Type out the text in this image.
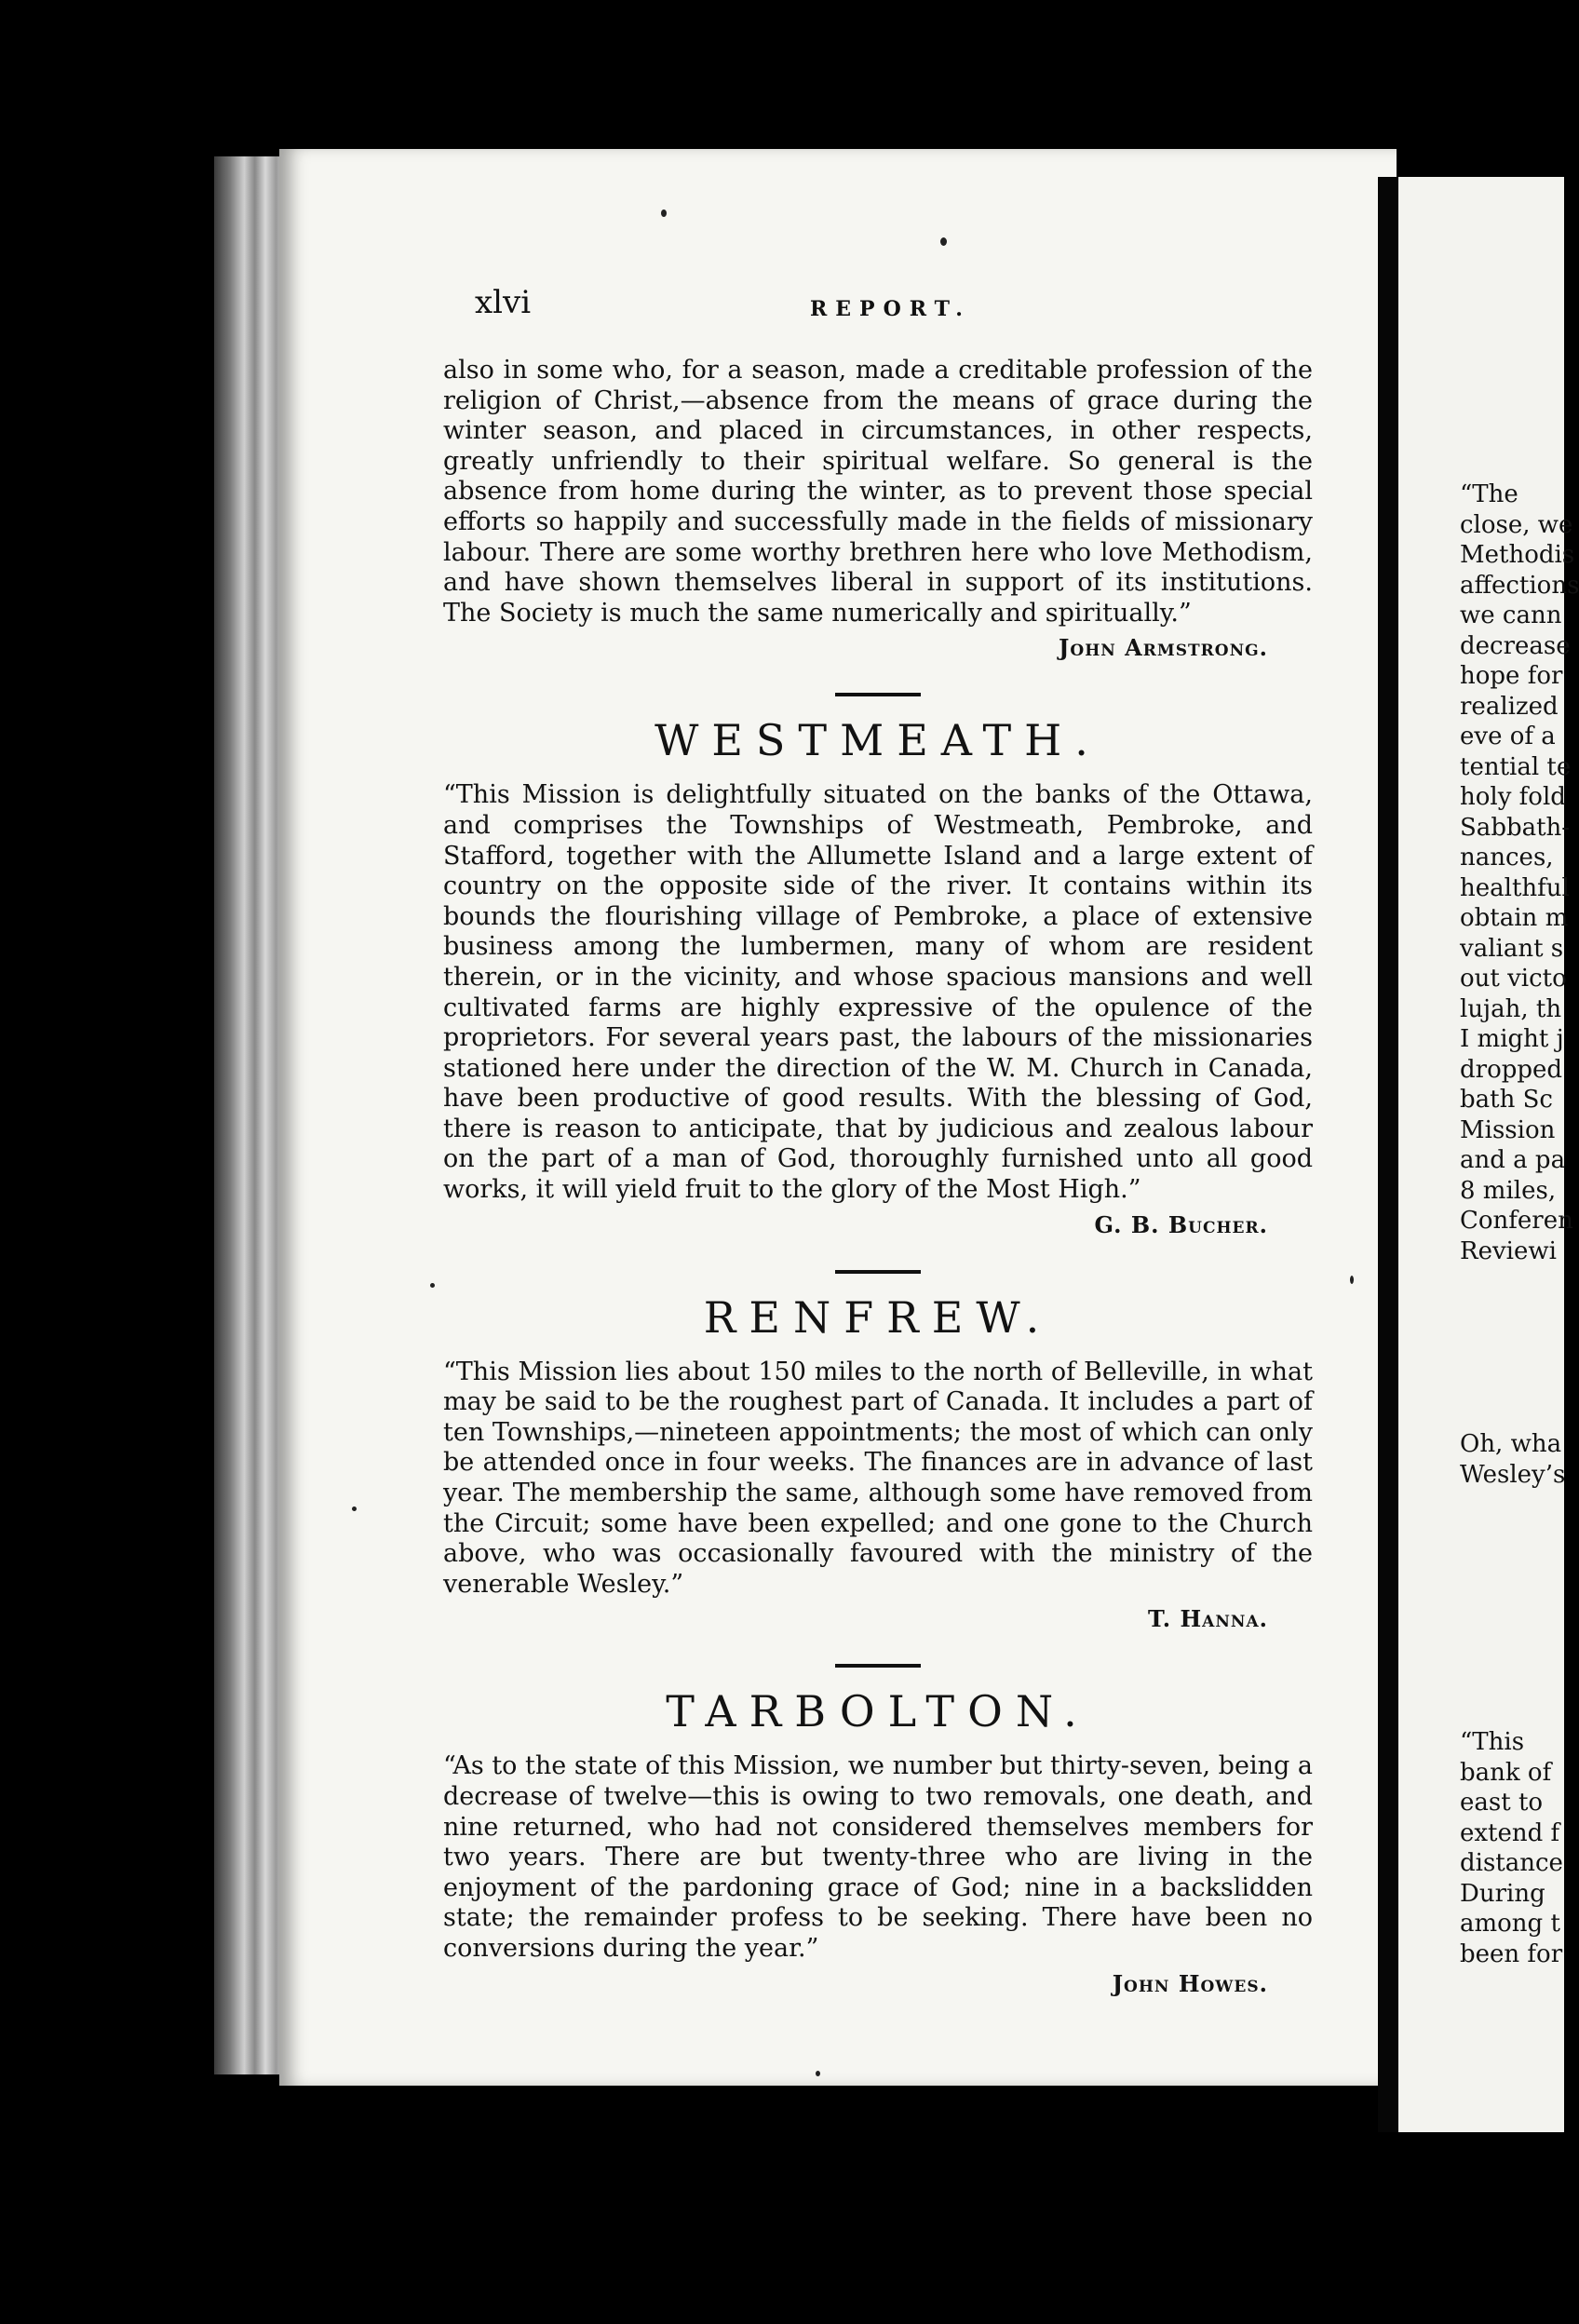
xlvi	REPORT.

also in some who, for a season, made a creditable profession of the religion of Christ,—absence from the means of grace during the winter season, and placed in circumstances, in other respects, greatly unfriendly to their spiritual welfare. So general is the absence from home during the winter, as to prevent those special efforts so happily and successfully made in the fields of missionary labour. There are some worthy brethren here who love Methodism, and have shown themselves liberal in support of its institutions. The Society is much the same numerically and spiritually.”

John Armstrong.
WESTMEATH.

“This Mission is delightfully situated on the banks of the Ottawa, and comprises the Townships of Westmeath, Pembroke, and Stafford, together with the Allumette Island and a large extent of country on the opposite side of the river. It contains within its bounds the flourishing village of Pembroke, a place of extensive business among the lumbermen, many of whom are resident therein, or in the vicinity, and whose spacious mansions and well cultivated farms are highly expressive of the opulence of the proprietors. For several years past, the labours of the missionaries stationed here under the direction of the W. M. Church in Canada, have been productive of good results. With the blessing of God, there is reason to anticipate, that by judicious and zealous labour on the part of a man of God, thoroughly furnished unto all good works, it will yield fruit to the glory of the Most High.”

G. B. Bucher.
RENFREW.

“This Mission lies about 150 miles to the north of Belleville, in what may be said to be the roughest part of Canada. It includes a part of ten Townships,—nineteen appointments; the most of which can only be attended once in four weeks. The finances are in advance of last year. The membership the same, although some have removed from the Circuit; some have been expelled; and one gone to the Church above, who was occasionally favoured with the ministry of the venerable Wesley.”

T. Hanna.
TARBOLTON.

“As to the state of this Mission, we number but thirty-seven, being a decrease of twelve—this is owing to two removals, one death, and nine returned, who had not considered themselves members for two years. There are but twenty-three who are living in the enjoyment of the pardoning grace of God; nine in a backslidden state; the remainder profess to be seeking. There have been no conversions during the year.”

John Howes.
“The
close, we
Methodis
affections
we cann
decrease
hope for
realized
eve of a
tential te
holy fold
Sabbath-
nances,
healthful
obtain m
valiant s
out victo
lujah, th
I might j
dropped
bath Sc
Mission
and a pa
8 miles,
Conferen
Reviewi
Oh, wha
Wesley’s
“This
bank of
east to
extend f
distance
During
among t
been for
